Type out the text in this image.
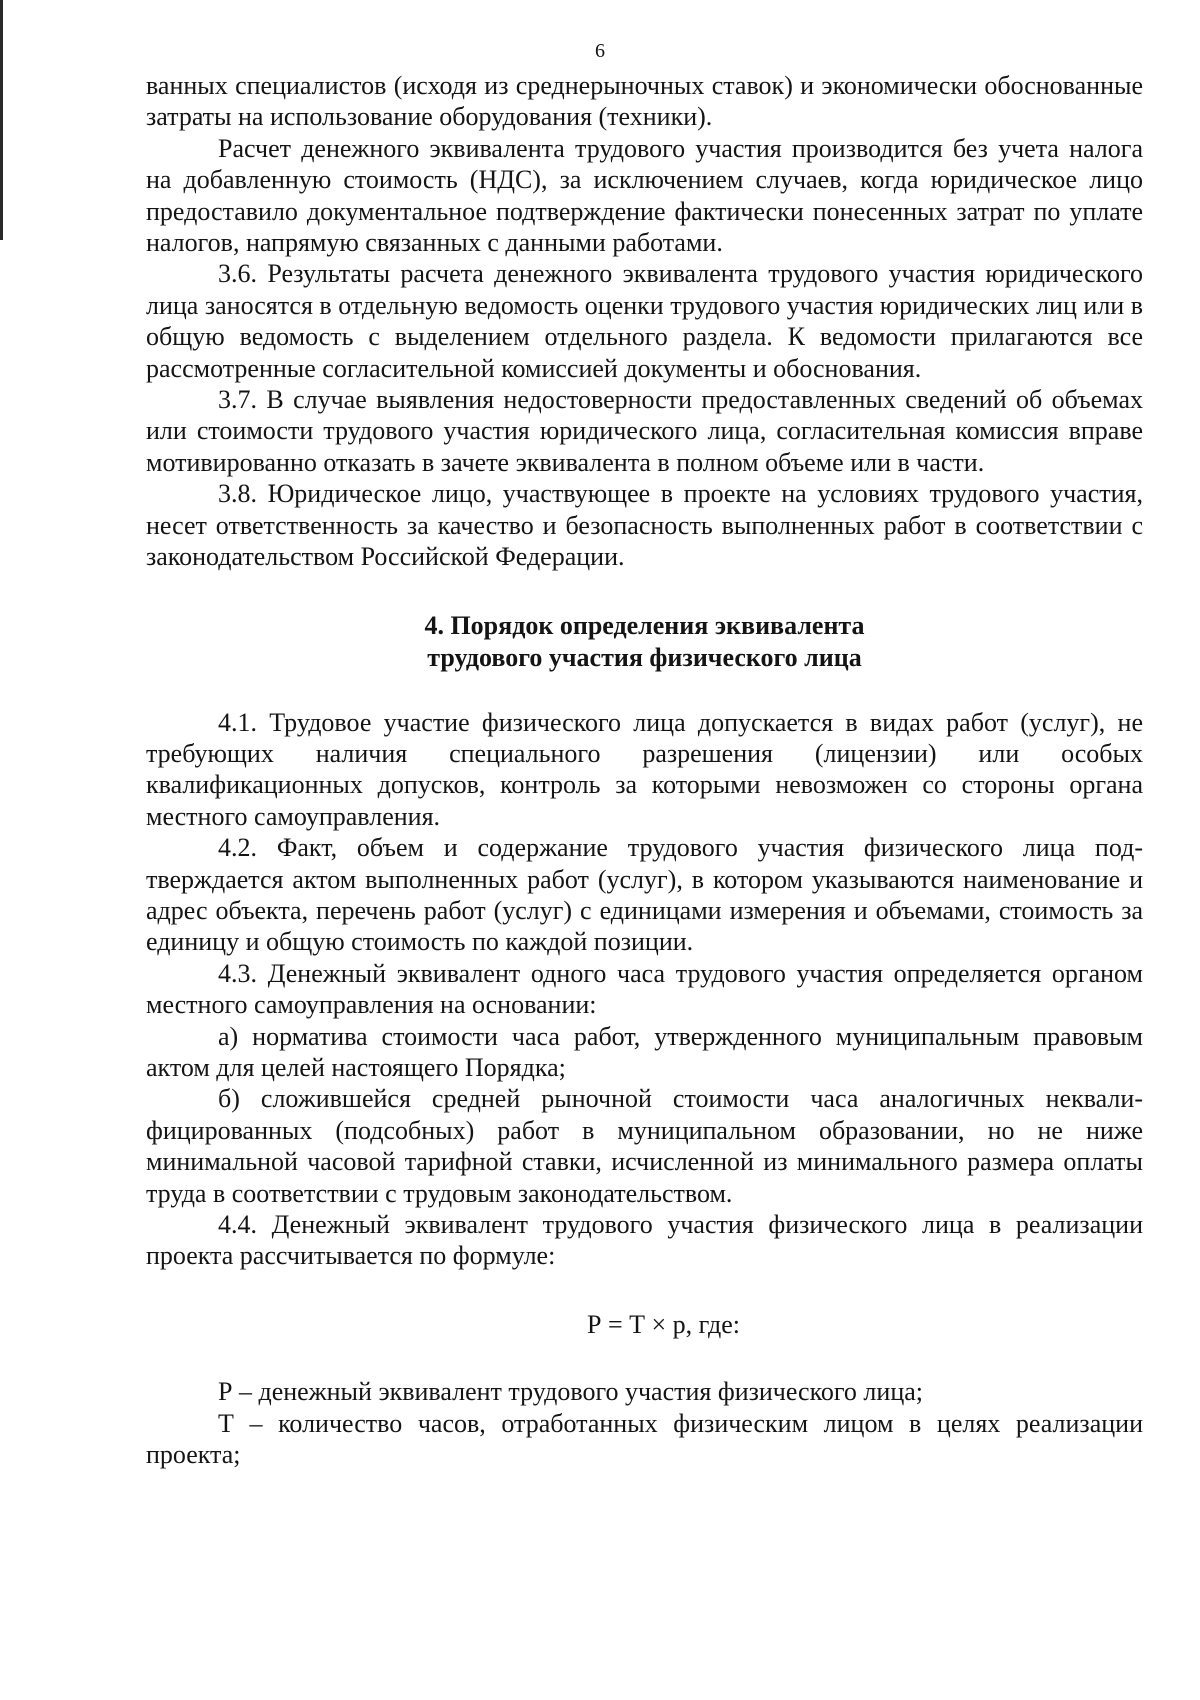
6

ванных специалистов (исходя из среднерыночных ставок) и экономически обоснованные затраты на использование оборудования (техники).

Расчет денежного эквивалента трудового участия производится без учета налога на добавленную стоимость (НДС), за исключением случаев, когда юридическое лицо предоставило документальное подтверждение фактически понесенных затрат по уплате налогов, напрямую связанных с данными работами.

3.6. Результаты расчета денежного эквивалента трудового участия юридического лица заносятся в отдельную ведомость оценки трудового участия юридических лиц или в общую ведомость с выделением отдельного раздела. К ведомости прилагаются все рассмотренные согласительной комиссией документы и обоснования.

3.7. В случае выявления недостоверности предоставленных сведений об объемах или стоимости трудового участия юридического лица, согласительная комиссия вправе мотивированно отказать в зачете эквивалента в полном объеме или в части.

3.8. Юридическое лицо, участвующее в проекте на условиях трудового участия, несет ответственность за качество и безопасность выполненных работ в соответствии с законодательством Российской Федерации.

4. Порядок определения эквивалента
трудового участия физического лица

4.1. Трудовое участие физического лица допускается в видах работ (услуг), не требующих наличия специального разрешения (лицензии) или особых квалификационных допусков, контроль за которыми невозможен со стороны органа местного самоуправления.

4.2. Факт, объем и содержание трудового участия физического лица подтверждается актом выполненных работ (услуг), в котором указываются наименование и адрес объекта, перечень работ (услуг) с единицами измерения и объемами, стоимость за единицу и общую стоимость по каждой позиции.

4.3. Денежный эквивалент одного часа трудового участия определяется органом местного самоуправления на основании:

а) норматива стоимости часа работ, утвержденного муниципальным правовым актом для целей настоящего Порядка;

б) сложившейся средней рыночной стоимости часа аналогичных неквалифицированных (подсобных) работ в муниципальном образовании, но не ниже минимальной часовой тарифной ставки, исчисленной из минимального размера оплаты труда в соответствии с трудовым законодательством.

4.4. Денежный эквивалент трудового участия физического лица в реализации проекта рассчитывается по формуле:

Р = Т × р, где:

Р – денежный эквивалент трудового участия физического лица;

Т – количество часов, отработанных физическим лицом в целях реализации проекта;
